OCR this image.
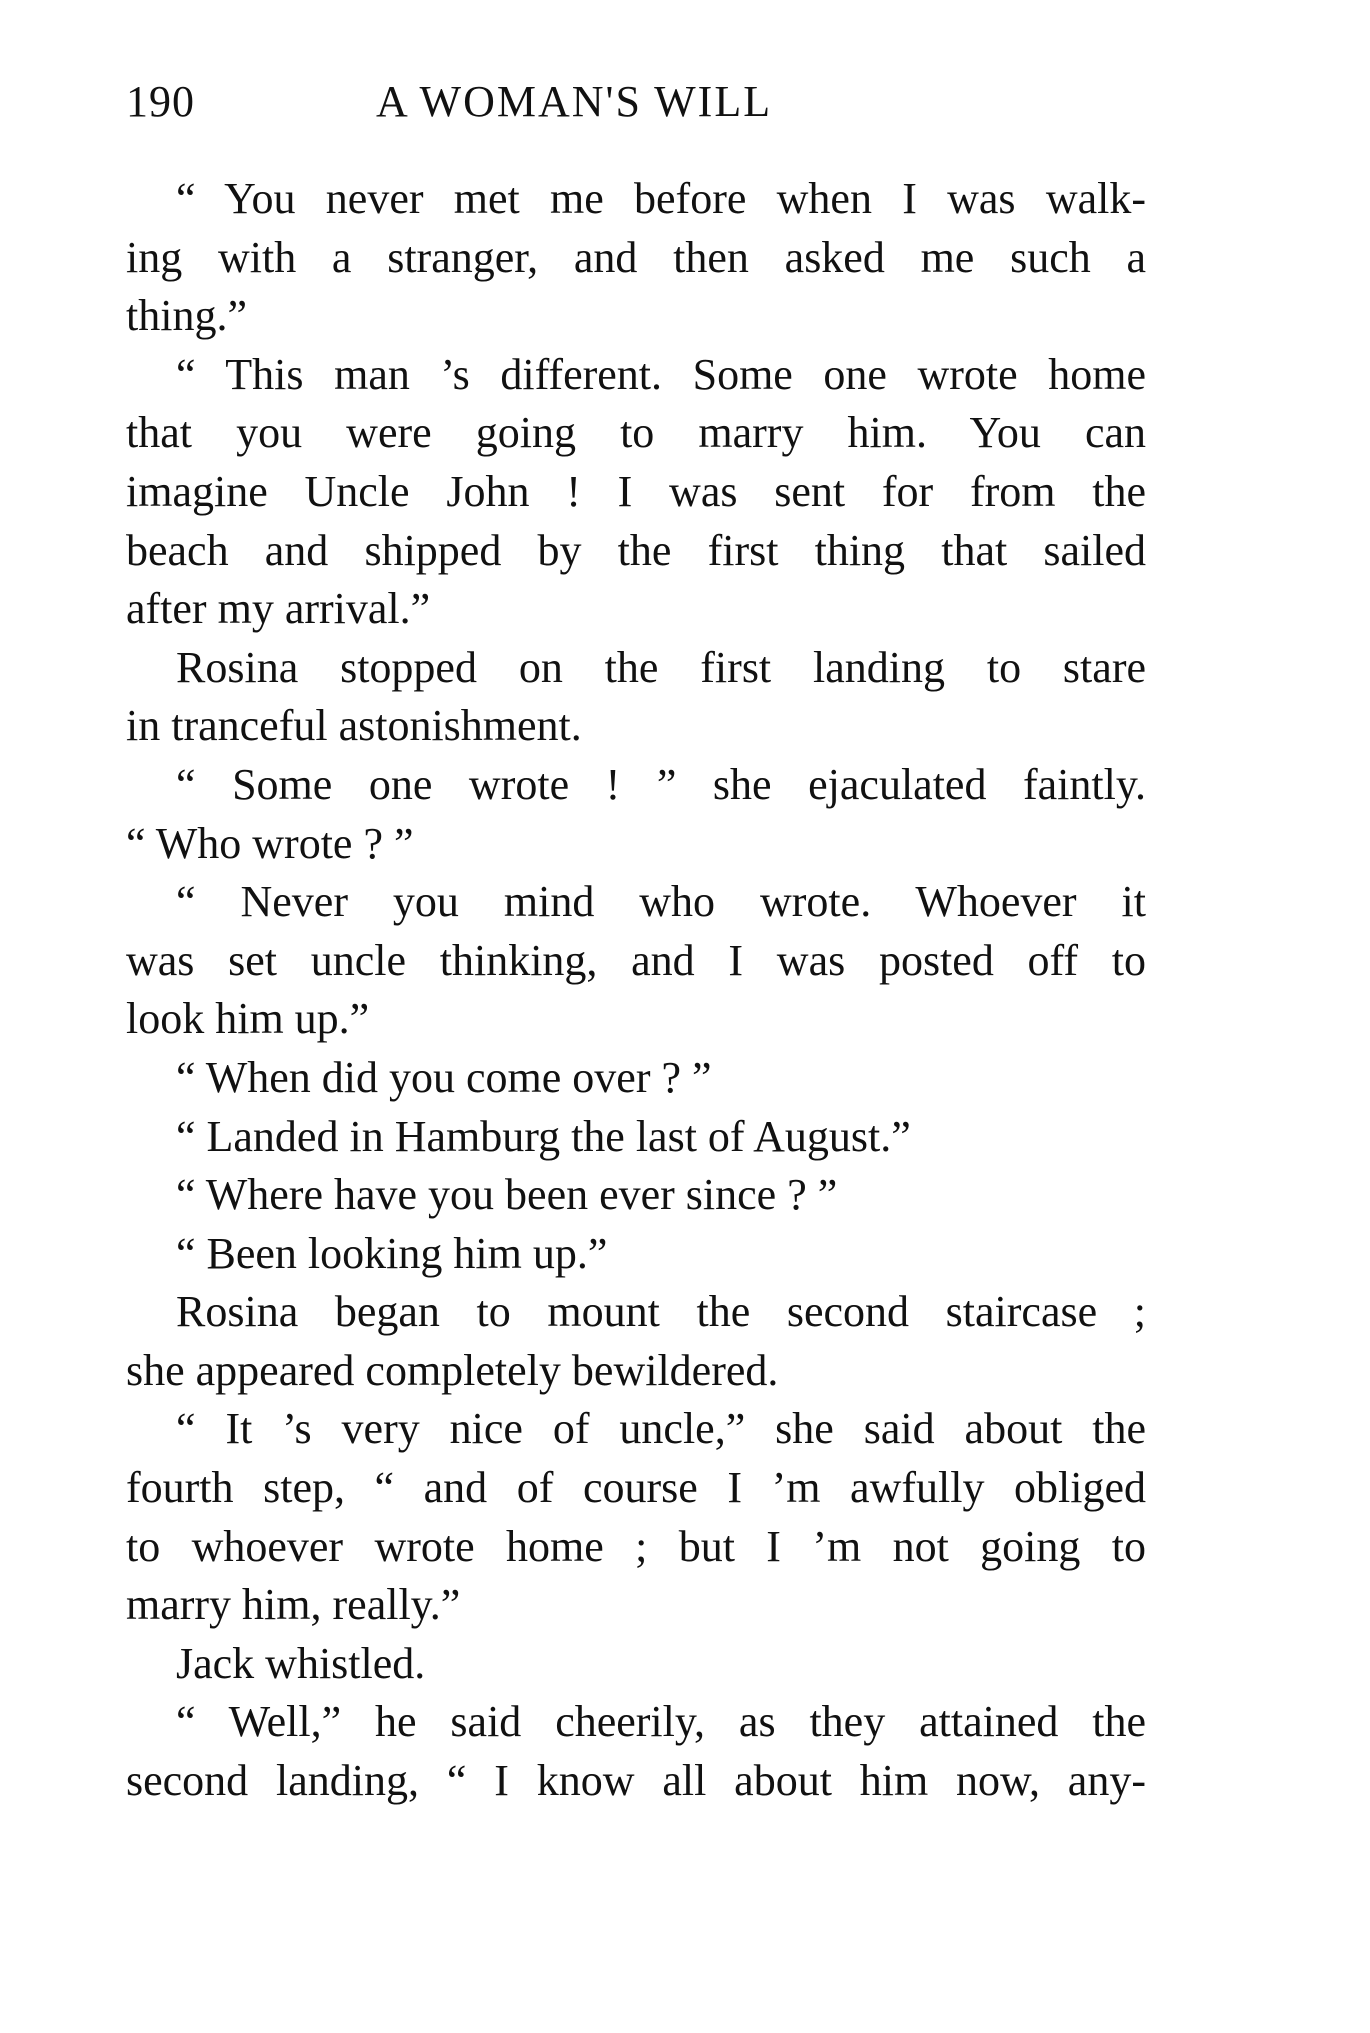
190	A WOMAN'S WILL
“ You never met me before when I was walk-
ing with a stranger, and then asked me such a
thing.”
“ This man ’s different. Some one wrote home
that you were going to marry him. You can
imagine Uncle John ! I was sent for from the
beach and shipped by the first thing that sailed
after my arrival.”
Rosina stopped on the first landing to stare
in tranceful astonishment.
“ Some one wrote ! ” she ejaculated faintly.
“ Who wrote ? ”
“ Never you mind who wrote. Whoever it
was set uncle thinking, and I was posted off to
look him up.”
“ When did you come over ? ”
“ Landed in Hamburg the last of August.”
“ Where have you been ever since ? ”
“ Been looking him up.”
Rosina began to mount the second staircase ;
she appeared completely bewildered.
“ It ’s very nice of uncle,” she said about the
fourth step, “ and of course I ’m awfully obliged
to whoever wrote home ; but I ’m not going to
marry him, really.”
Jack whistled.
“ Well,” he said cheerily, as they attained the
second landing, “ I know all about him now, any-
